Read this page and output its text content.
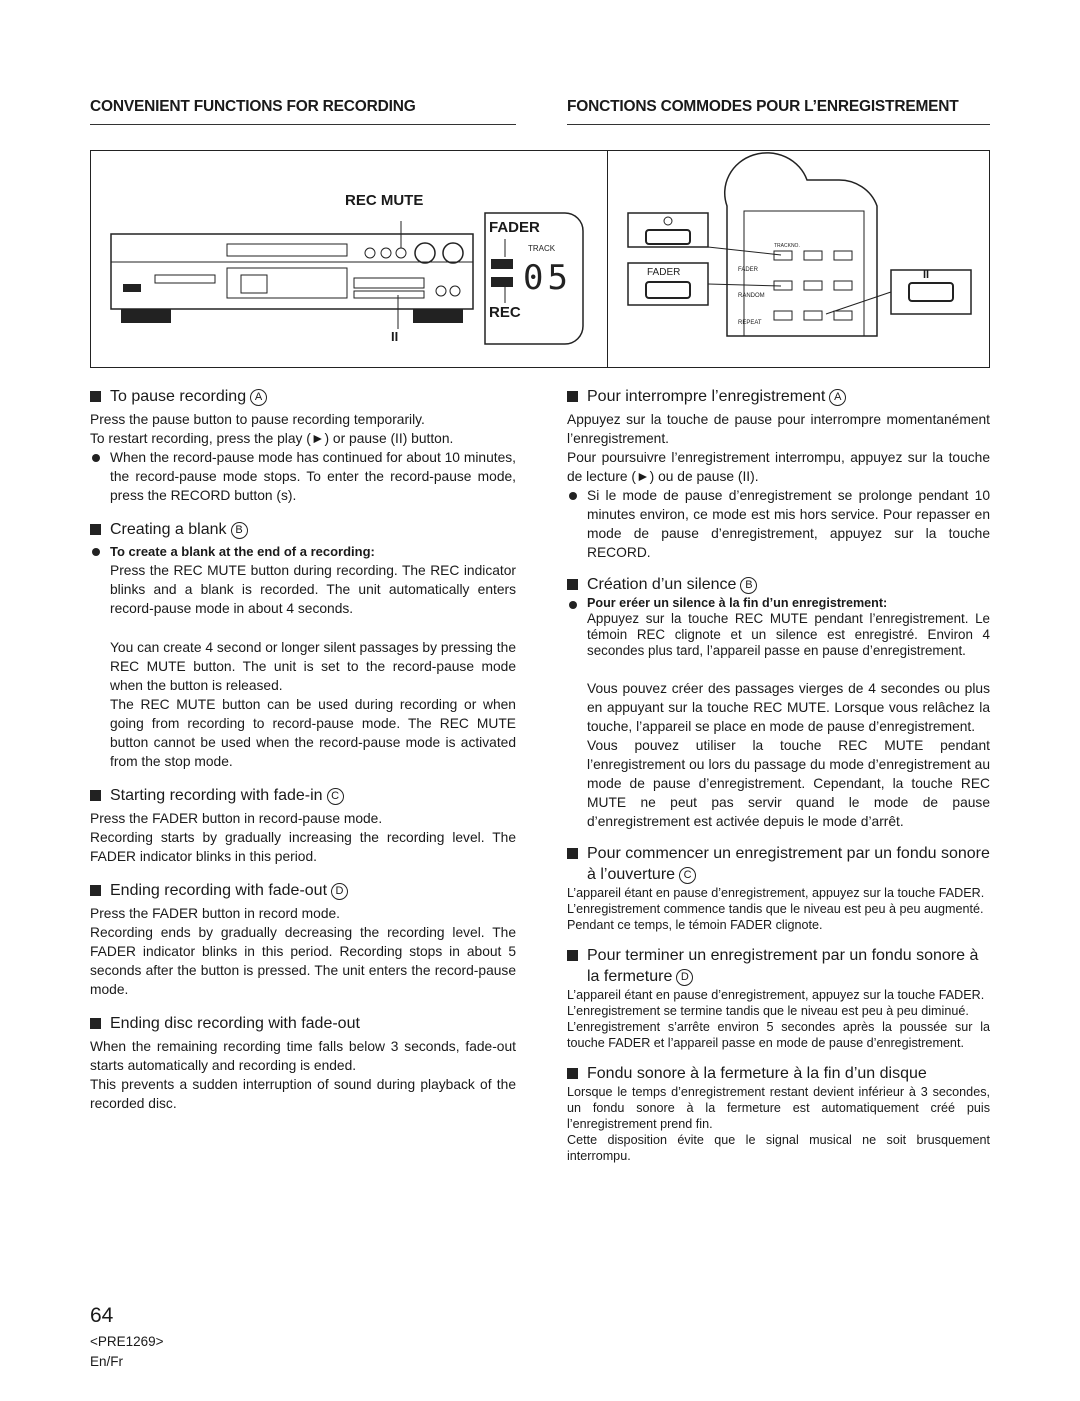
CONVENIENT FUNCTIONS FOR RECORDING	FONCTIONS COMMODES POUR L’ENREGISTREMENT
TRACK
05	FADER
RANDOM
REPEAT
FADER
TRACKNO.
REC MUTE
FADER
REC
II
II
To pause recording A

Press the pause button to pause recording temporarily.

To restart recording, press the play (►) or pause (II) button.

When the record-pause mode has continued for about 10 minutes, the record-pause mode stops. To enter the record-pause mode, press the RECORD button (s).

Creating a blank B

To create a blank at the end of a recording:

Press the REC MUTE button during recording. The REC indicator blinks and a blank is recorded. The unit automatically enters record-pause mode in about 4 seconds.

You can create 4 second or longer silent passages by pressing the REC MUTE button. The unit is set to the record-pause mode when the button is released.

The REC MUTE button can be used during recording or when going from recording to record-pause mode. The REC MUTE button cannot be used when the record-pause mode is activated from the stop mode.

Starting recording with fade-in C

Press the FADER button in record-pause mode.

Recording starts by gradually increasing the recording level. The FADER indicator blinks in this period.

Ending recording with fade-out D

Press the FADER button in record mode.

Recording ends by gradually decreasing the recording level. The FADER indicator blinks in this period. Recording stops in about 5 seconds after the button is pressed. The unit enters the record-pause mode.

Ending disc recording with fade-out

When the remaining recording time falls below 3 seconds, fade-out starts automatically and recording is ended.

This prevents a sudden interruption of sound during playback of the recorded disc.

Pour interrompre l’enregistrement A

Appuyez sur la touche de pause pour interrompre momentanément l’enregistrement.

Pour poursuivre l’enregistrement interrompu, appuyez sur la touche de lecture (►) ou de pause (II).

Si le mode de pause d’enregistrement se prolonge pendant 10 minutes environ, ce mode est mis hors service. Pour repasser en mode de pause d’enregistrement, appuyez sur la touche RECORD.

Création d’un silence B

Pour eréer un silence à la fin d’un enregistrement:

Appuyez sur la touche REC MUTE pendant l’enregistrement. Le témoin REC clignote et un silence est enregistré. Environ 4 secondes plus tard, l’appareil passe en pause d’enregistrement.

Vous pouvez créer des passages vierges de 4 secondes ou plus en appuyant sur la touche REC MUTE. Lorsque vous relâchez la touche, l’appareil se place en mode de pause d’enregistrement.

Vous pouvez utiliser la touche REC MUTE pendant l’enregistrement ou lors du passage du mode d’enregistrement au mode de pause d’enregistrement. Cependant, la touche REC MUTE ne peut pas servir quand le mode de pause d’enregistrement est activée depuis le mode d’arrêt.

Pour commencer un enregistrement par un fondu sonore à l’ouverture C

L’appareil étant en pause d’enregistrement, appuyez sur la touche FADER.

L’enregistrement commence tandis que le niveau est peu à peu augmenté.

Pendant ce temps, le témoin FADER clignote.

Pour terminer un enregistrement par un fondu sonore à la fermeture D

L’appareil étant en pause d’enregistrement, appuyez sur la touche FADER.

L’enregistrement se termine tandis que le niveau est peu à peu diminué.

L’enregistrement s’arrête environ 5 secondes après la poussée sur la touche FADER et l’appareil passe en mode de pause d’enregistrement.

Fondu sonore à la fermeture à la fin d’un disque

Lorsque le temps d’enregistrement restant devient inférieur à 3 secondes, un fondu sonore à la fermeture est automatiquement créé puis l’enregistrement prend fin.

Cette disposition évite que le signal musical ne soit brusquement interrompu.

64
<PRE1269>
En/Fr
